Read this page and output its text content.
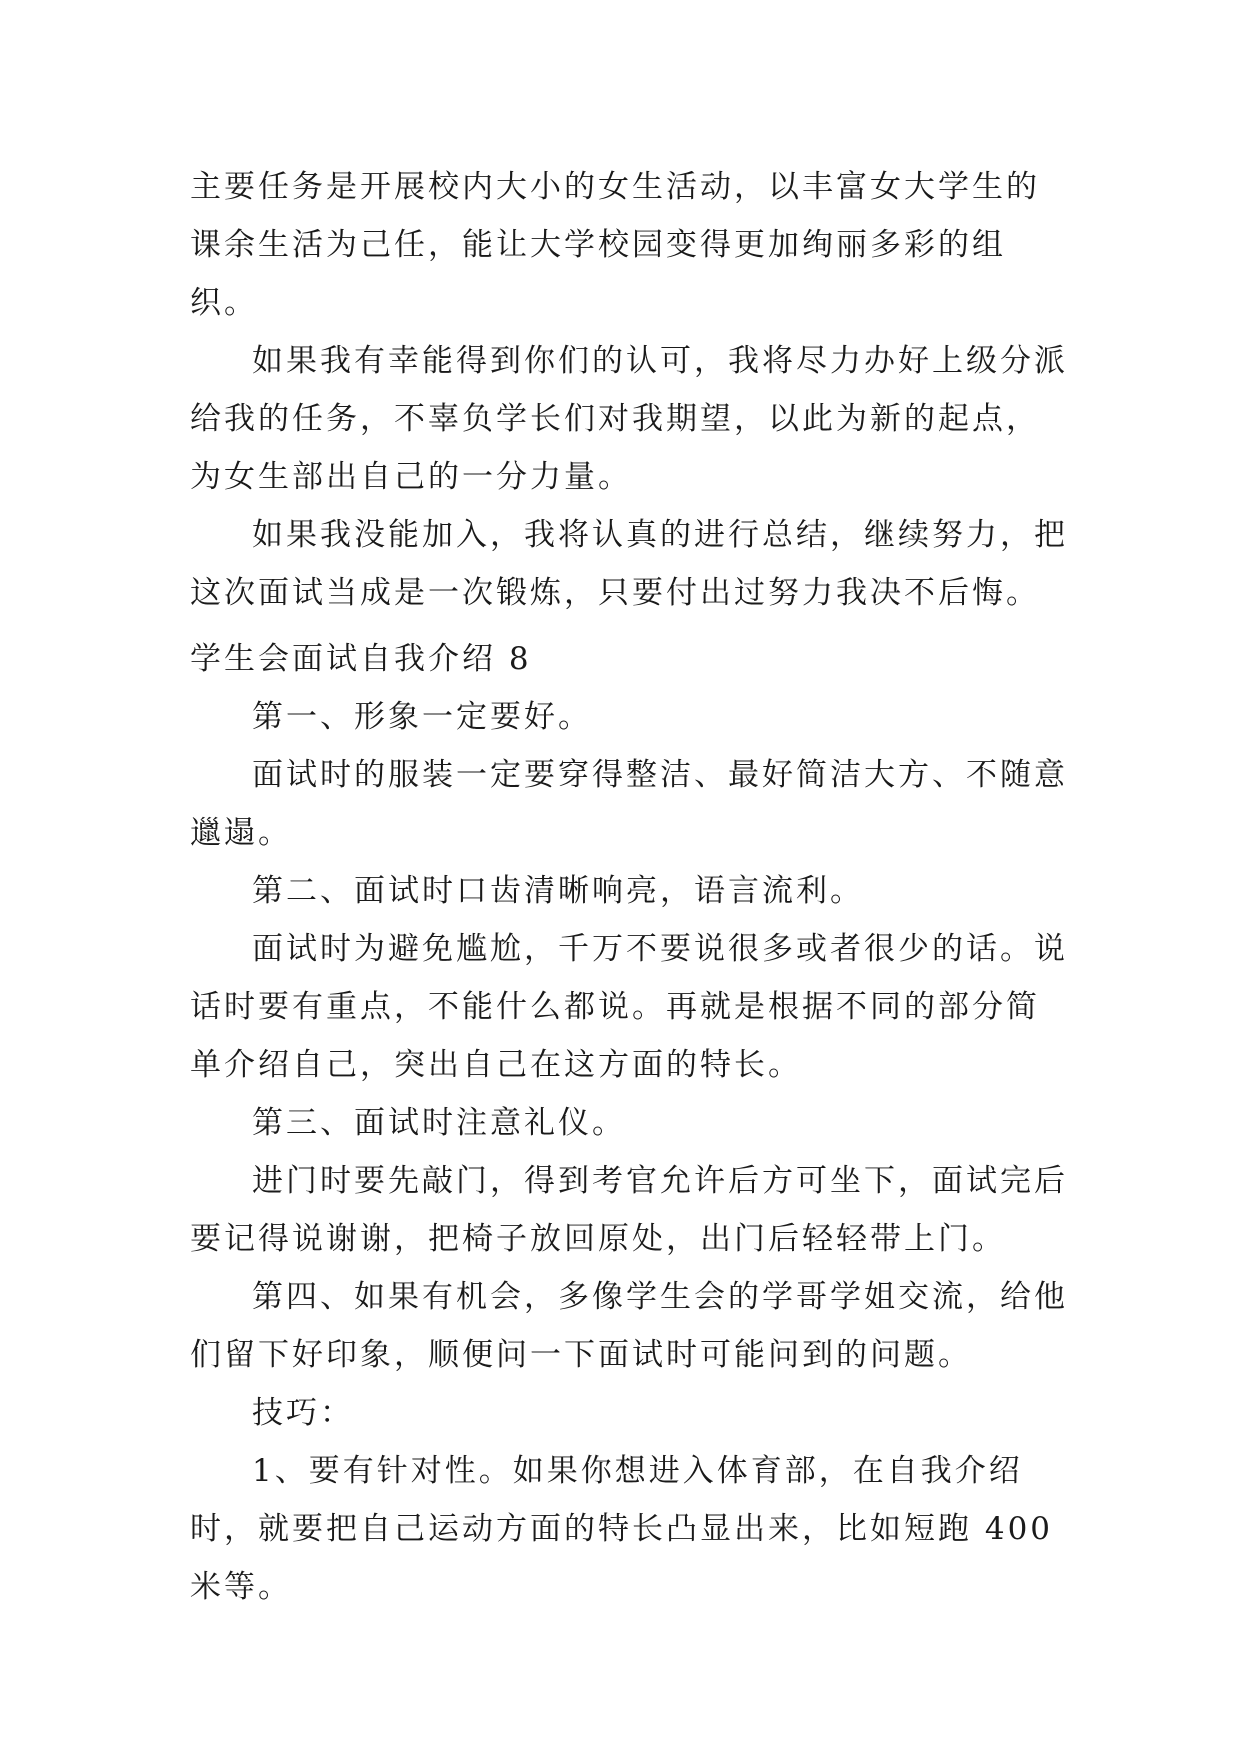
主要任务是开展校内大小的女生活动，以丰富女大学生的课余生活为己任，能让大学校园变得更加绚丽多彩的组织。

如果我有幸能得到你们的认可，我将尽力办好上级分派给我的任务，不辜负学长们对我期望，以此为新的起点，为女生部出自己的一分力量。

如果我没能加入，我将认真的进行总结，继续努力，把这次面试当成是一次锻炼，只要付出过努力我决不后悔。

学生会面试自我介绍 8

第一、形象一定要好。

面试时的服装一定要穿得整洁、最好简洁大方、不随意邋遢。

第二、面试时口齿清晰响亮，语言流利。

面试时为避免尴尬，千万不要说很多或者很少的话。说话时要有重点，不能什么都说。再就是根据不同的部分简单介绍自己，突出自己在这方面的特长。

第三、面试时注意礼仪。

进门时要先敲门，得到考官允许后方可坐下，面试完后要记得说谢谢，把椅子放回原处，出门后轻轻带上门。

第四、如果有机会，多像学生会的学哥学姐交流，给他们留下好印象，顺便问一下面试时可能问到的问题。

技巧：

1、要有针对性。如果你想进入体育部，在自我介绍时，就要把自己运动方面的特长凸显出来，比如短跑 400 米等。
